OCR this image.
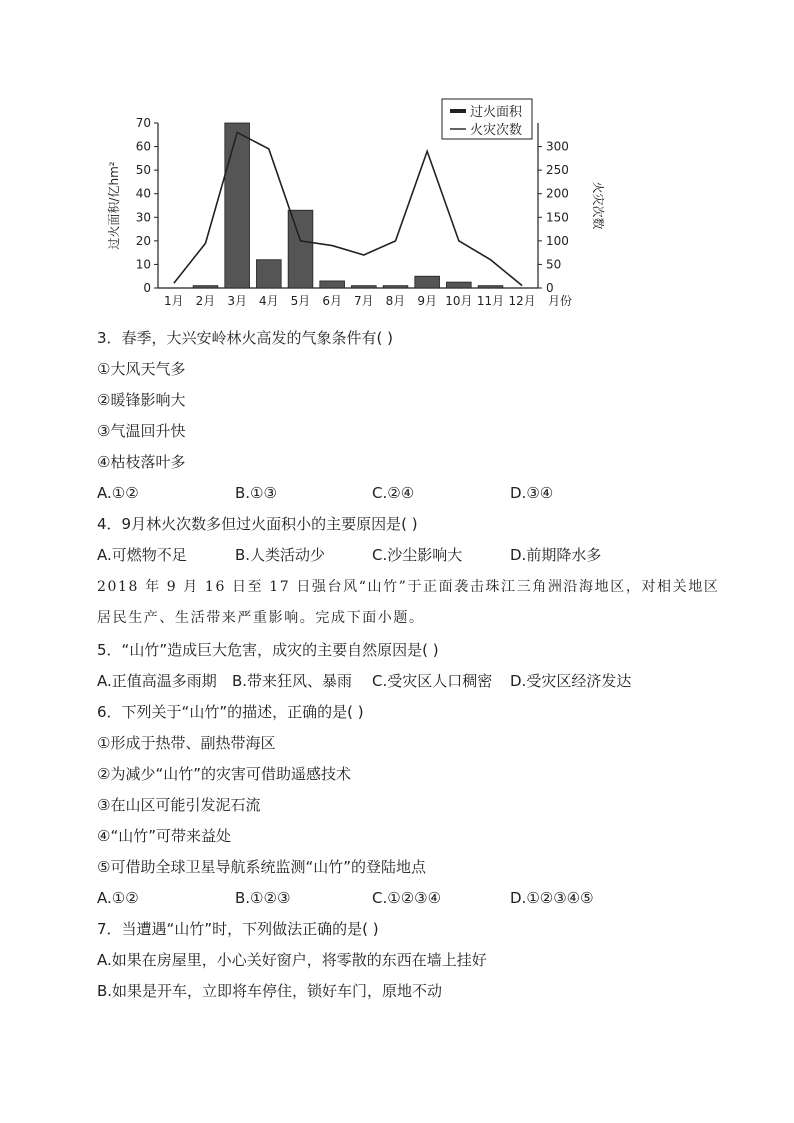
0
10
20
30
40
50
60
70
0
50
100
150
200
250
300
过火面积/亿hm²	火灾次数
1月 2月 3月 4月 5月 6月 7月 8月 9月 10月 11月 12月 月份
过火面积
火灾次数
3．春季，大兴安岭林火高发的气象条件有( )
①大风天气多
②暖锋影响大
③气温回升快
④枯枝落叶多
A.①②	B.①③	C.②④	D.③④
4．9月林火次数多但过火面积小的主要原因是( )
A.可燃物不足	B.人类活动少	C.沙尘影响大	D.前期降水多
2018 年 9 月 16 日至 17 日强台风“山竹”于正面袭击珠江三角洲沿海地区，对相关地区
居民生产、生活带来严重影响。完成下面小题。
5．“山竹”造成巨大危害，成灾的主要自然原因是( )
A.正值高温多雨期 B.带来狂风、暴雨 C.受灾区人口稠密 D.受灾区经济发达
6．下列关于“山竹”的描述，正确的是( )
①形成于热带、副热带海区
②为减少“山竹”的灾害可借助遥感技术
③在山区可能引发泥石流
④“山竹”可带来益处
⑤可借助全球卫星导航系统监测“山竹”的登陆地点
A.①②	B.①②③	C.①②③④	D.①②③④⑤
7．当遭遇“山竹”时，下列做法正确的是( )
A.如果在房屋里，小心关好窗户，将零散的东西在墙上挂好
B.如果是开车，立即将车停住，锁好车门，原地不动
